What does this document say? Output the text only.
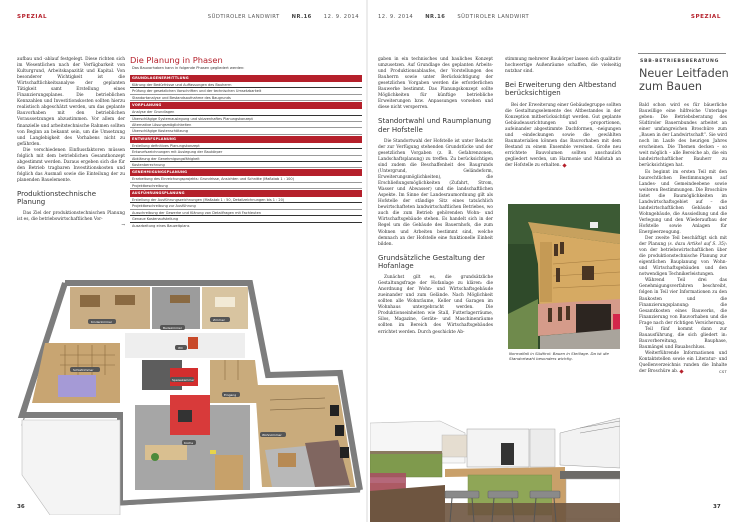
SPEZIAL	SÜDTIROLER LANDWIRT NR.16 12. 9. 2014

aufbau und -ablauf festgelegt. Diese richten sich im Wesentlichen nach der Verfügbarkeit von Kulturgrund, Arbeitskapazität und Kapital. Von besonderer Wichtigkeit ist die Wirtschaftlichkeitsanalyse der geplanten Tätigkeit samt Erstellung eines Finanzierungsplanes. Die betrieblichen Kennzahlen und Investitionskosten sollten hierzu realistisch abgeschätzt werden, um das geplante Bauvorhaben mit den betrieblichen Voraussetzungen abzustimmen. Vor allem der finanzielle und arbeitstechnische Rahmen sollten von Beginn an bekannt sein, um die Umsetzung und Langlebigkeit des Vorhabens nicht zu gefährden.

Die verschiedenen Einflussfaktoren müssen folglich mit dem betrieblichen Gesamtkonzept abgestimmt werden. Daraus ergeben sich die für den Betrieb tragbaren Investitionskosten und folglich das Ausmaß sowie die Einteilung der zu planenden Bauelemente.

Produktionstechnische Planung

Das Ziel der produktionstechnischen Planung ist es, die betriebswirtschaftlichen Vor-

→
Die Planung in Phasen
Das Bauvorhaben kann in folgende Phasen gegliedert werden:
GRUNDLAGENERMITTLUNG
Klärung der Bedürfnisse und Auffassungen des Bauherrn
Prüfung der gesetzlichen Vorschriften und der technischen Umsetzbarkeit
Standortanalyse und Bestandsaufnahme des Baugrunds
VORPLANUNG
Analyse der Grundlagen
Überschlägige Systemauslegung und skizzenhaftes Planungskonzept
Alternative Lösungsmöglichkeiten
Überschlägige Kostenschätzung
ENTWURFSPLANUNG
Erstellung definitives Planungskonzept
Entwurfszeichnungen mit Auslegung der Baukörper
Abklärung der Genehmigungsfähigkeit
Kostenberechnung
GENEHMIGUNGSPLANUNG
Erarbeitung des Einreichungsprojekts: Grundrisse, Ansichten und Schnitte (Maßstab 1 : 100)
Projektbeschreibung
AUSFÜHRUNGSPLANUNG
Erstellung der Ausführungszeichnungen (Maßstab 1 : 50, Detailzeichnungen bis 1 : 20)
Projektbeschreibung zur Ausführung
Ausschreibung der Gewerke und Klärung von Detailfragen mit Fachleuten
Genaue Kostenaufstellung
Ausarbeitung eines Bauzeitplans
Kinderzimmer
Badezimmer
Zimmer
Schlafzimmer
WC
Speisekammer
Eingang
Küche
Wohnzimmer
36
12. 9. 2014 NR.16 SÜDTIROLER LANDWIRT	SPEZIAL

gaben in ein technisches und bauliches Konzept umzusetzen. Auf Grundlage des geplanten Arbeits- und Produktionsablaufes, der Vorstellungen des Bauherrn sowie unter Berücksichtigung der gesetzlichen Vorgaben werden die erforderlichen Bauwerke bestimmt. Das Planungskonzept sollte Möglichkeiten für künftige betriebliche Erweiterungen bzw. Anpassungen vorsehen und diese nicht versperren.

Standortwahl und Raumplanung der Hofstelle

Die Standortwahl der Hofstelle ist unter Bedacht der zur Verfügung stehenden Grundstücke und der gesetzlichen Vorgaben (z. B. Gefahrenzonen, Landschaftsplanung) zu treffen. Zu berücksichtigen sind zudem die Beschaffenheit des Baugrunds (Untergrund, Geländeform, Erweiterungsmöglichkeiten), die Erschließungsmöglichkeiten (Zufahrt, Strom, Wasser und Abwasser) und die landschaftlichen Aspekte. Im Sinne der Landesraumordnung gilt als Hofstelle der ständige Sitz eines tatsächlich bewirtschafteten landwirtschaftlichen Betriebes, wo auch die zum Betrieb gehörenden Wohn- und Wirtschaftsgebäude stehen. Es handelt sich in der Regel um die Gebäude des Bauernhofs, die zum Wohnen und Arbeiten bestimmt sind, welche demnach an der Hofstelle eine funktionelle Einheit bilden.

Grundsätzliche Gestaltung der Hofanlage

Zunächst gilt es, die grundsätzliche Gestaltungsfrage der Hofanlage zu klären: die Anordnung der Wohn- und Wirtschaftsgebäude zueinander und zum Gelände. Nach Möglichkeit sollten alle Wohnräume, Keller und Garagen im Wohnhaus untergebracht werden. Die Produktionseinheiten wie Stall, Futterlagerräume, Silos, Magazine, Geräte- und Maschinenräume sollten im Bereich des Wirtschaftsgebäudes errichtet werden. Durch geschickte Ab-

stimmung mehrerer Baukörper lassen sich qualitativ hochwertige Außenräume schaffen, die vielseitig nutzbar sind.

Bei Erweiterung den Altbestand berücksichtigen

Bei der Erweiterung einer Gebäudegruppe sollten die Gestaltungselemente des Altbestandes in der Konzeption mitberücksichtigt werden. Gut geplante Gebäudeausrichtungen und -proportionen, aufeinander abgestimmte Dachformen, -neigungen und -eindeckungen sowie die gewählten Baumaterialien können das Bauvorhaben mit dem Bestand zu einem Ensemble vereinen. Große neu errichtete Bauvolumen sollten anschaulich gegliedert werden, um Harmonie und Maßstab an der Hofstelle zu erhalten.

Normalfall in Südtirol: Bauen in Steillage. Da ist die Standortwahl besonders wichtig.
SBB-BETRIEBSBERATUNG
Neuer Leitfaden zum Bauen

Bald schon wird es für bäuerliche Bauwillige eine hilfreiche Unterlage geben: Die Betriebsberatung des Südtiroler Bauernbundes arbeitet an einer umfangreichen Broschüre zum „Bauen in der Landwirtschaft“. Sie wird noch im Laufe des heurigen Jahres erscheinen. Die Themen decken – so weit möglich – alle Bereiche ab, die ein landwirtschaftlicher Bauherr zu berücksichtigen hat.

Es beginnt im ersten Teil mit den baurechtlichen Bestimmungen auf Landes- und Gemeindeebene sowie weiteren Bestimmungen. Die Broschüre listet die Baumöglichkeiten im Landwirtschaftsgebiet auf – die landwirtschaftlichen Gebäude und Wohngebäude, die Aussiedlung und die Verlegung und den Wiederaufbau der Hofstelle sowie Anlagen für Energieerzeugung.

Der zweite Teil beschäftigt sich mit der Planung (s. dazu Artikel auf S. 35): von der betriebswirtschaftlichen über die produktionstechnische Planung zur eigentlichen Bauplanung von Wohn- und Wirtschaftsgebäuden und den notwendigen Technikerleistungen.

Während Teil drei das Genehmigungsverfahren beschreibt, folgen in Teil vier Informationen zu den Baukosten und die Finanzierungsplanung: die Gesamtkosten eines Bauwerks, die Finanzierung von Bauvorhaben und die Frage nach der richtigen Versicherung.

Teil fünf kommt dann zur Bauausführung, die sich gliedert in: Bauvorbereitung, Bauphase, Baumängel und Bauabschluss.

Weiterführende Informationen und Kontaktstellen sowie ein Literatur- und Quellenverzeichnis runden die Inhalte der Broschüre ab.	CST

37
